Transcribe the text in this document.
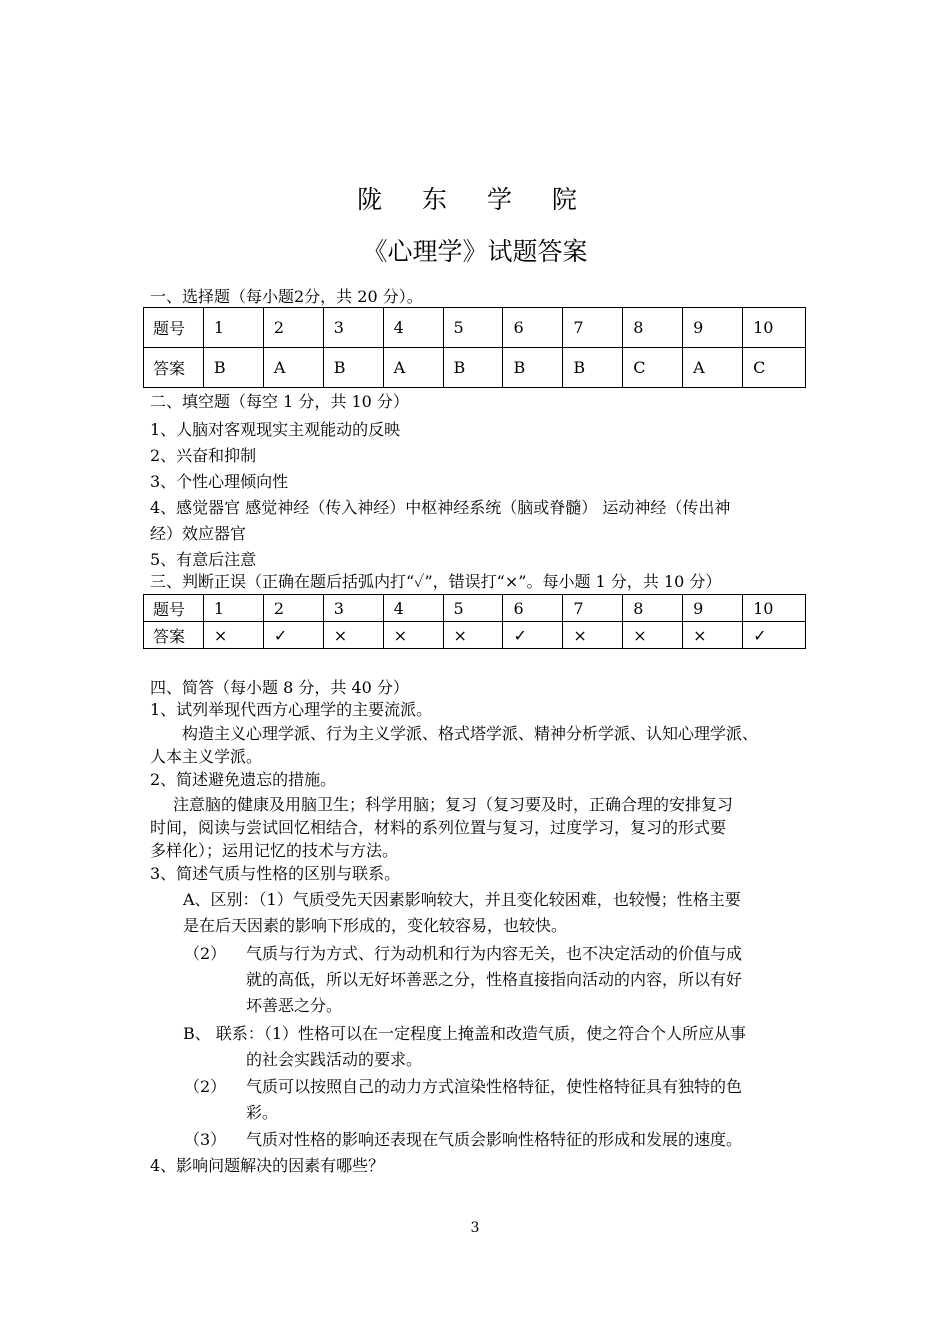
陇 东 学 院
《心理学》试题答案
一、选择题（每小题2分，共 20 分）。
题号	1	2	3	4	5	6	7	8	9	10
答案	B	A	B	A	B	B	B	C	A	C
二、填空题（每空 1 分，共 10 分）
1、人脑对客观现实主观能动的反映
2、兴奋和抑制
3、个性心理倾向性
4、感觉器官 感觉神经（传入神经）中枢神经系统（脑或脊髓） 运动神经（传出神
经）效应器官
5、有意后注意
三、判断正误（正确在题后括弧内打“✓”，错误打“×”。每小题 1 分，共 10 分）
题号	1	2	3	4	5	6	7	8	9	10
答案	×	✓	×	×	×	✓	×	×	×	✓
四、简答（每小题 8 分，共 40 分）
1、试列举现代西方心理学的主要流派。
构造主义心理学派、行为主义学派、格式塔学派、精神分析学派、认知心理学派、
人本主义学派。
2、简述避免遗忘的措施。
注意脑的健康及用脑卫生；科学用脑；复习（复习要及时，正确合理的安排复习
时间，阅读与尝试回忆相结合，材料的系列位置与复习，过度学习，复习的形式要
多样化）；运用记忆的技术与方法。
3、简述气质与性格的区别与联系。
A、区别：（1）气质受先天因素影响较大，并且变化较困难，也较慢；性格主要
是在后天因素的影响下形成的，变化较容易，也较快。
（2） 气质与行为方式、行为动机和行为内容无关，也不决定活动的价值与成
就的高低，所以无好坏善恶之分，性格直接指向活动的内容，所以有好
坏善恶之分。
B、 联系：（1）性格可以在一定程度上掩盖和改造气质，使之符合个人所应从事
的社会实践活动的要求。
（2） 气质可以按照自己的动力方式渲染性格特征，使性格特征具有独特的色
彩。
（3） 气质对性格的影响还表现在气质会影响性格特征的形成和发展的速度。
4、影响问题解决的因素有哪些？
3
